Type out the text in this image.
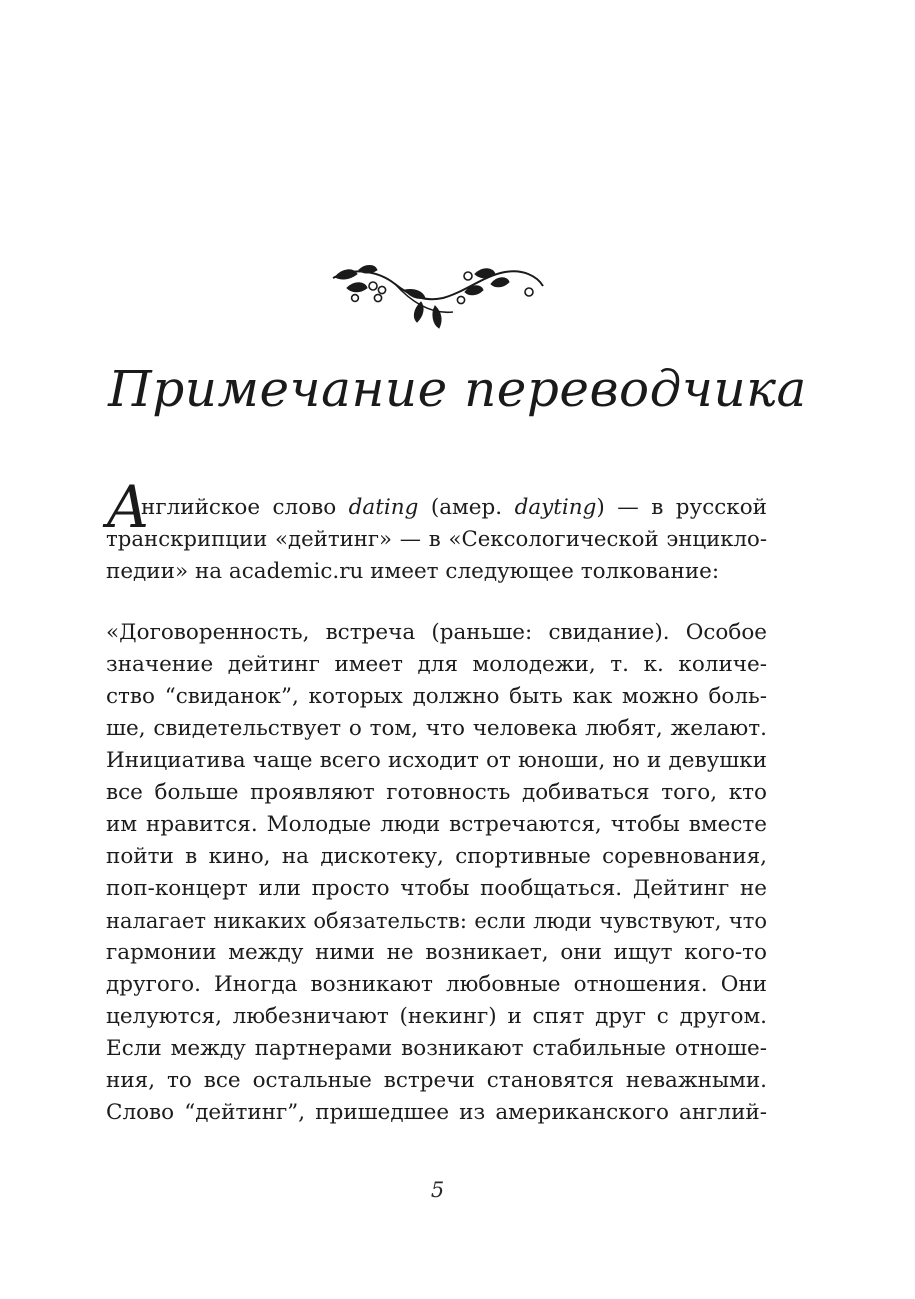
Примечание переводчика
А
нглийское слово dating (амер. dayting) — в русской
транскрипции «дейтинг» — в «Сексологической энцикло-
педии» на academic.ru имеет следующее толкование:
«Договоренность, встреча (раньше: свидание). Особое
значение дейтинг имеет для молодежи, т. к. количе-
ство “свиданок”, которых должно быть как можно боль-
ше, свидетельствует о том, что человека любят, желают.
Инициатива чаще всего исходит от юноши, но и девушки
все больше проявляют готовность добиваться того, кто
им нравится. Молодые люди встречаются, чтобы вместе
пойти в кино, на дискотеку, спортивные соревнования,
поп-концерт или просто чтобы пообщаться. Дейтинг не
налагает никаких обязательств: если люди чувствуют, что
гармонии между ними не возникает, они ищут кого-то
другого. Иногда возникают любовные отношения. Они
целуются, любезничают (некинг) и спят друг с другом.
Если между партнерами возникают стабильные отноше-
ния, то все остальные встречи становятся неважными.
Слово “дейтинг”, пришедшее из американского англий-
5
